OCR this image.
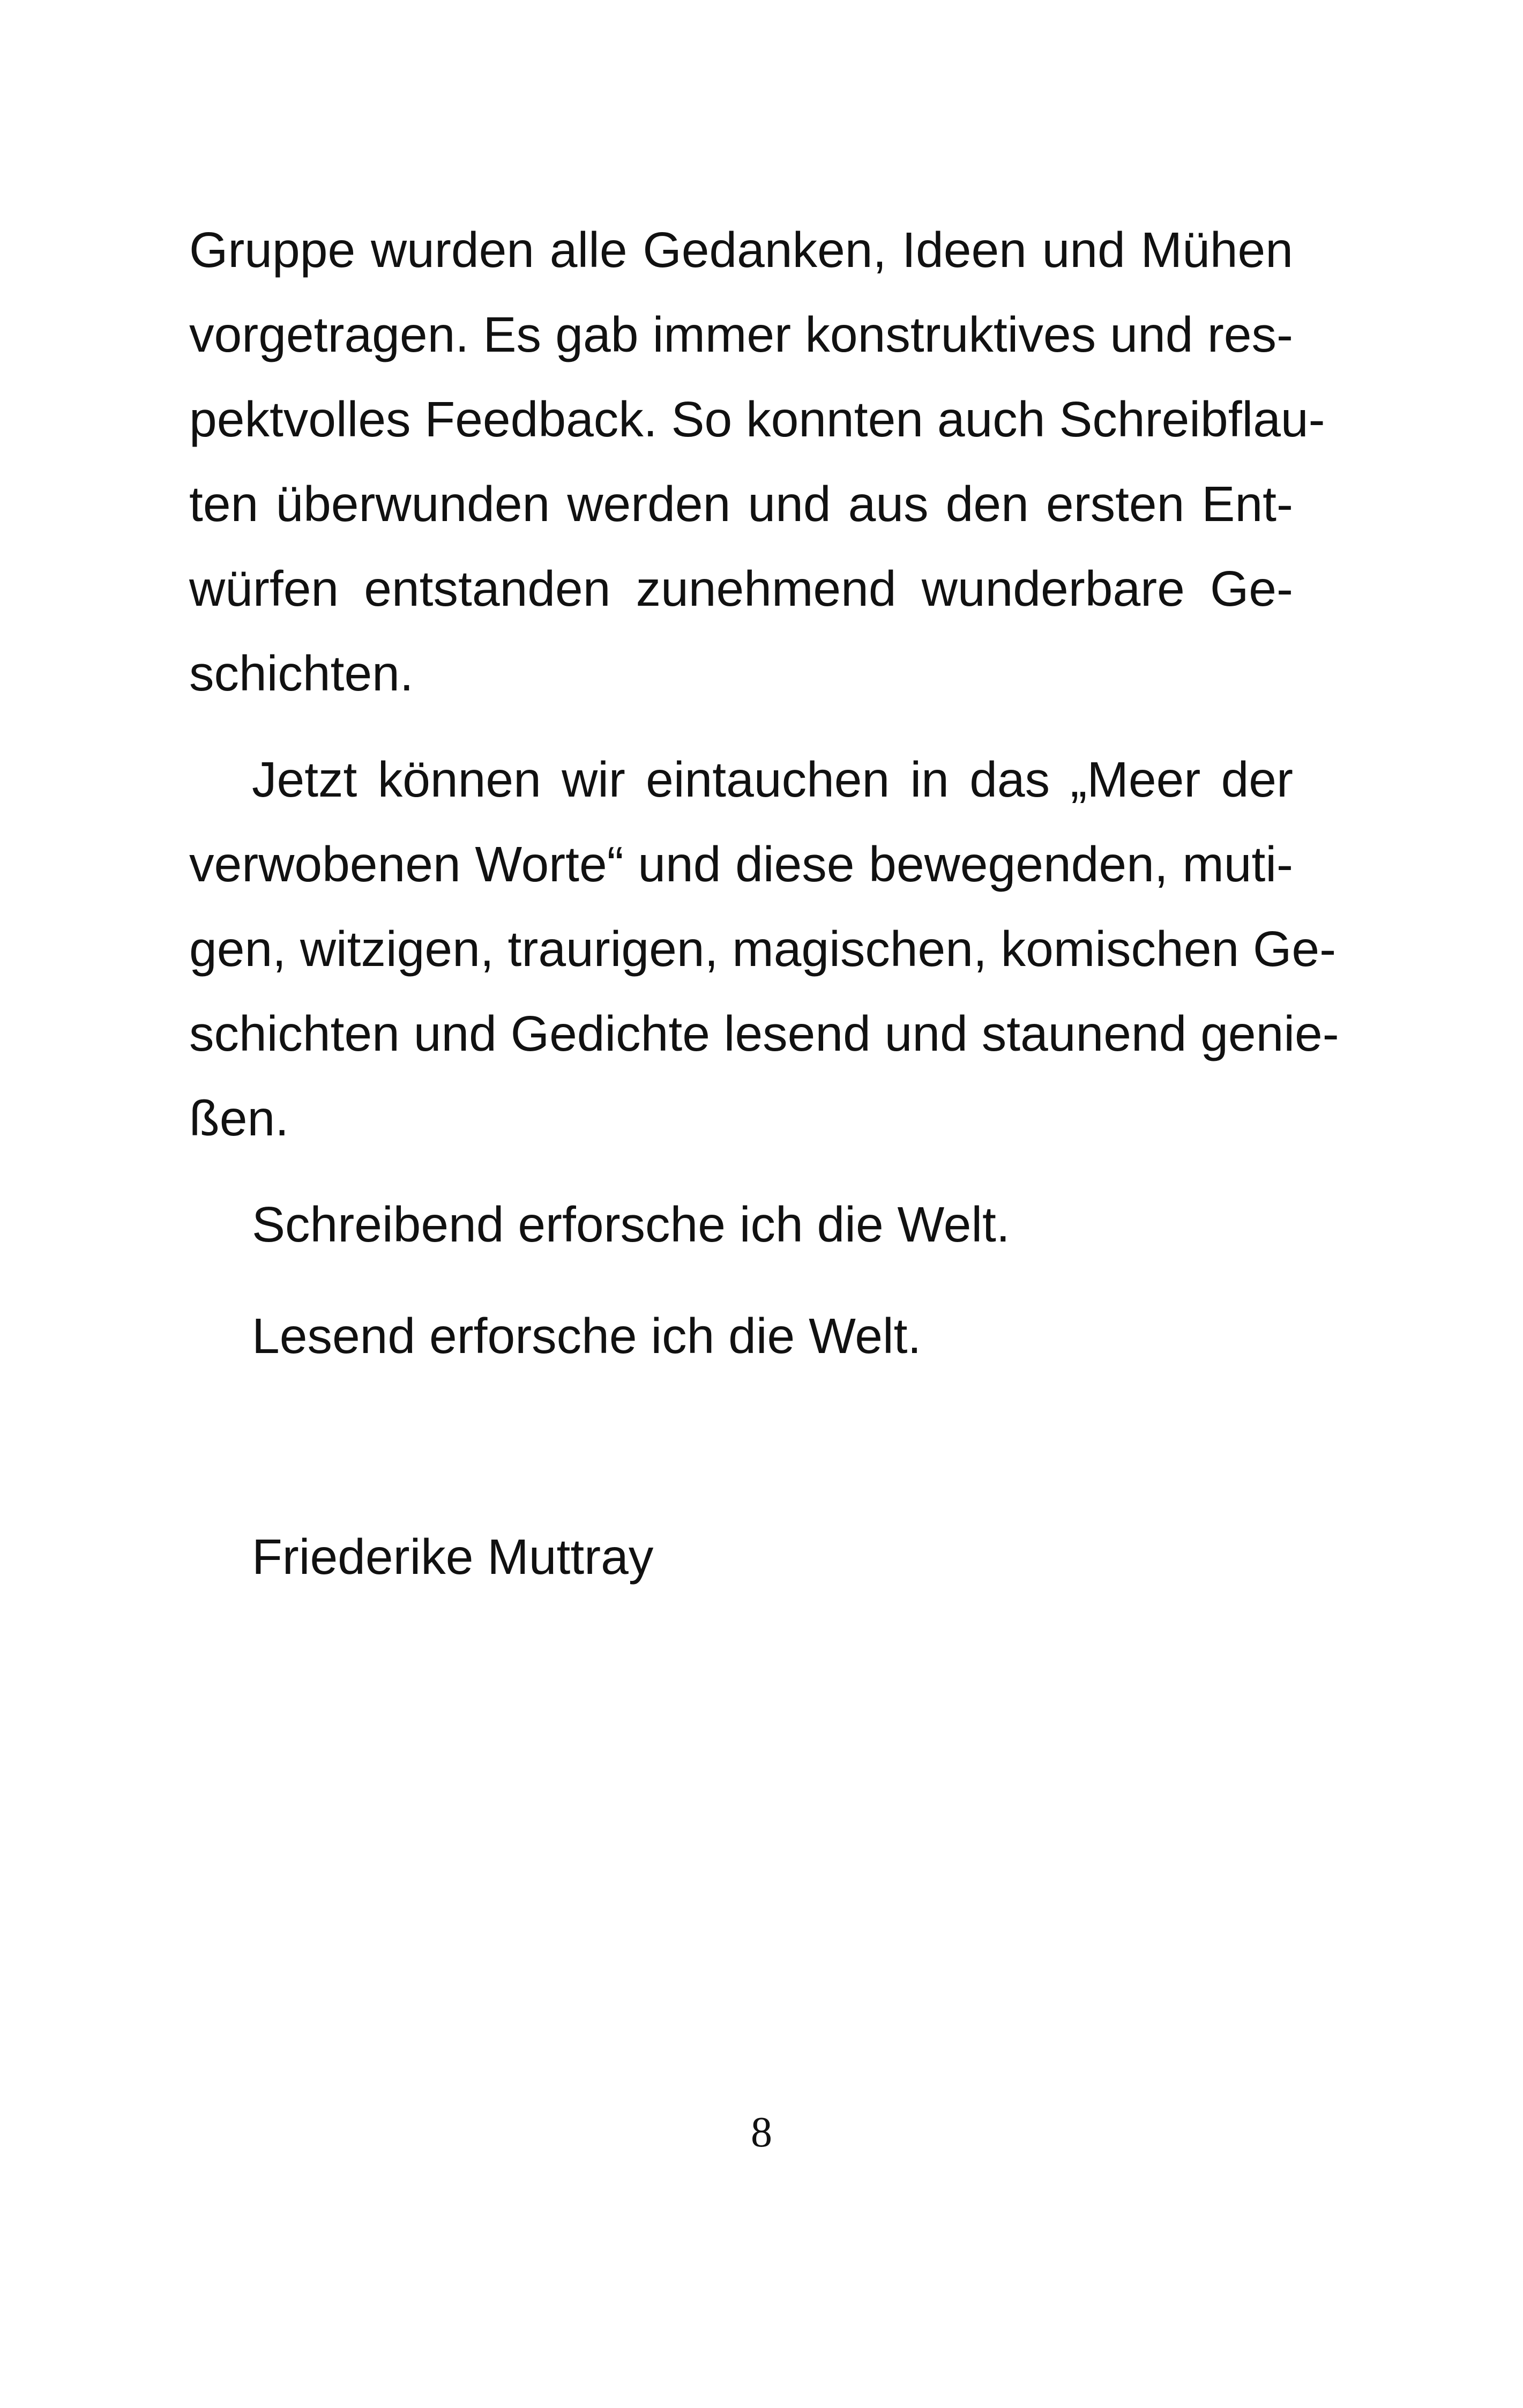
Gruppe wurden alle Gedanken, Ideen und Mühen
vorgetragen. Es gab immer konstruktives und res-
pektvolles Feedback. So konnten auch Schreibflau-
ten überwunden werden und aus den ersten Ent-
würfen entstanden zunehmend wunderbare Ge-
schichten.
Jetzt können wir eintauchen in das „Meer der
verwobenen Worte“ und diese bewegenden, muti-
gen, witzigen, traurigen, magischen, komischen Ge-
schichten und Gedichte lesend und staunend genie-
ßen.
Schreibend erforsche ich die Welt.
Lesend erforsche ich die Welt.
Friederike Muttray
8
